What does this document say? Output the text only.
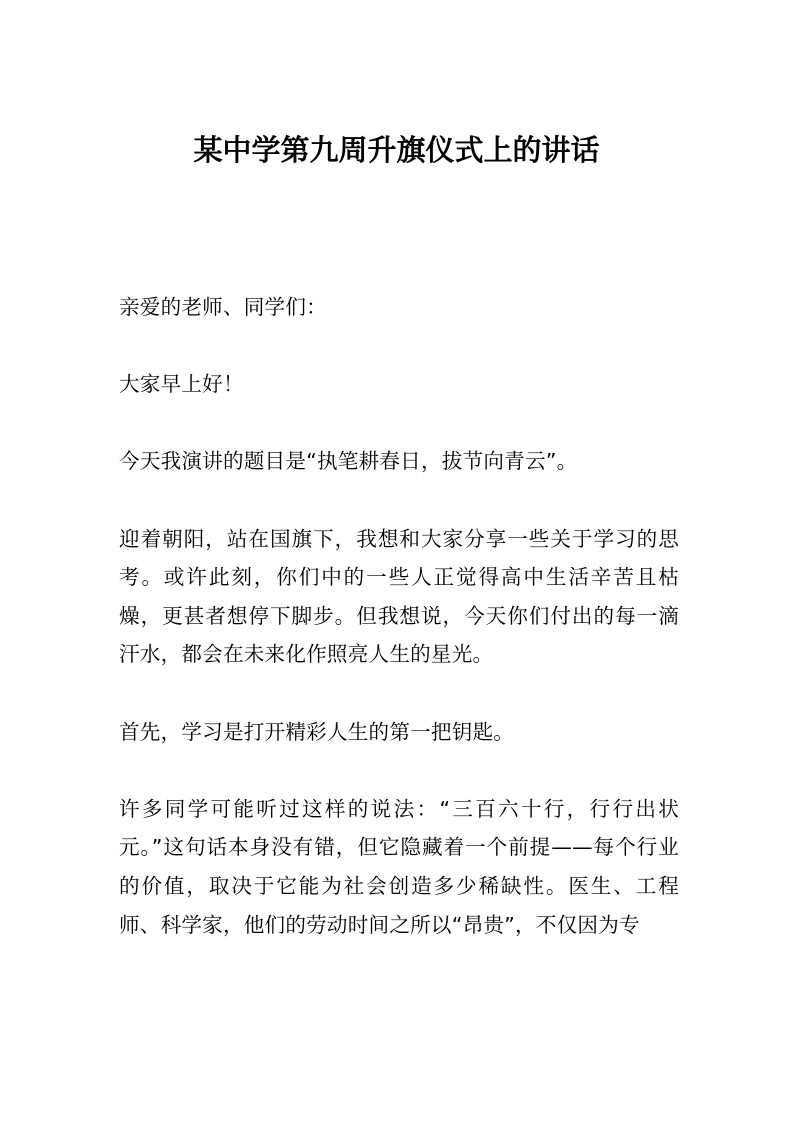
某中学第九周升旗仪式上的讲话

亲爱的老师、同学们：

大家早上好！

今天我演讲的题目是“执笔耕春日，拔节向青云”。

迎着朝阳，站在国旗下，我想和大家分享一些关于学习的思考。或许此刻，你们中的一些人正觉得高中生活辛苦且枯燥，更甚者想停下脚步。但我想说，今天你们付出的每一滴汗水，都会在未来化作照亮人生的星光。

首先，学习是打开精彩人生的第一把钥匙。

许多同学可能听过这样的说法：“三百六十行，行行出状元。”这句话本身没有错，但它隐藏着一个前提——每个行业的价值，取决于它能为社会创造多少稀缺性。医生、工程师、科学家，他们的劳动时间之所以“昂贵”，不仅因为专
